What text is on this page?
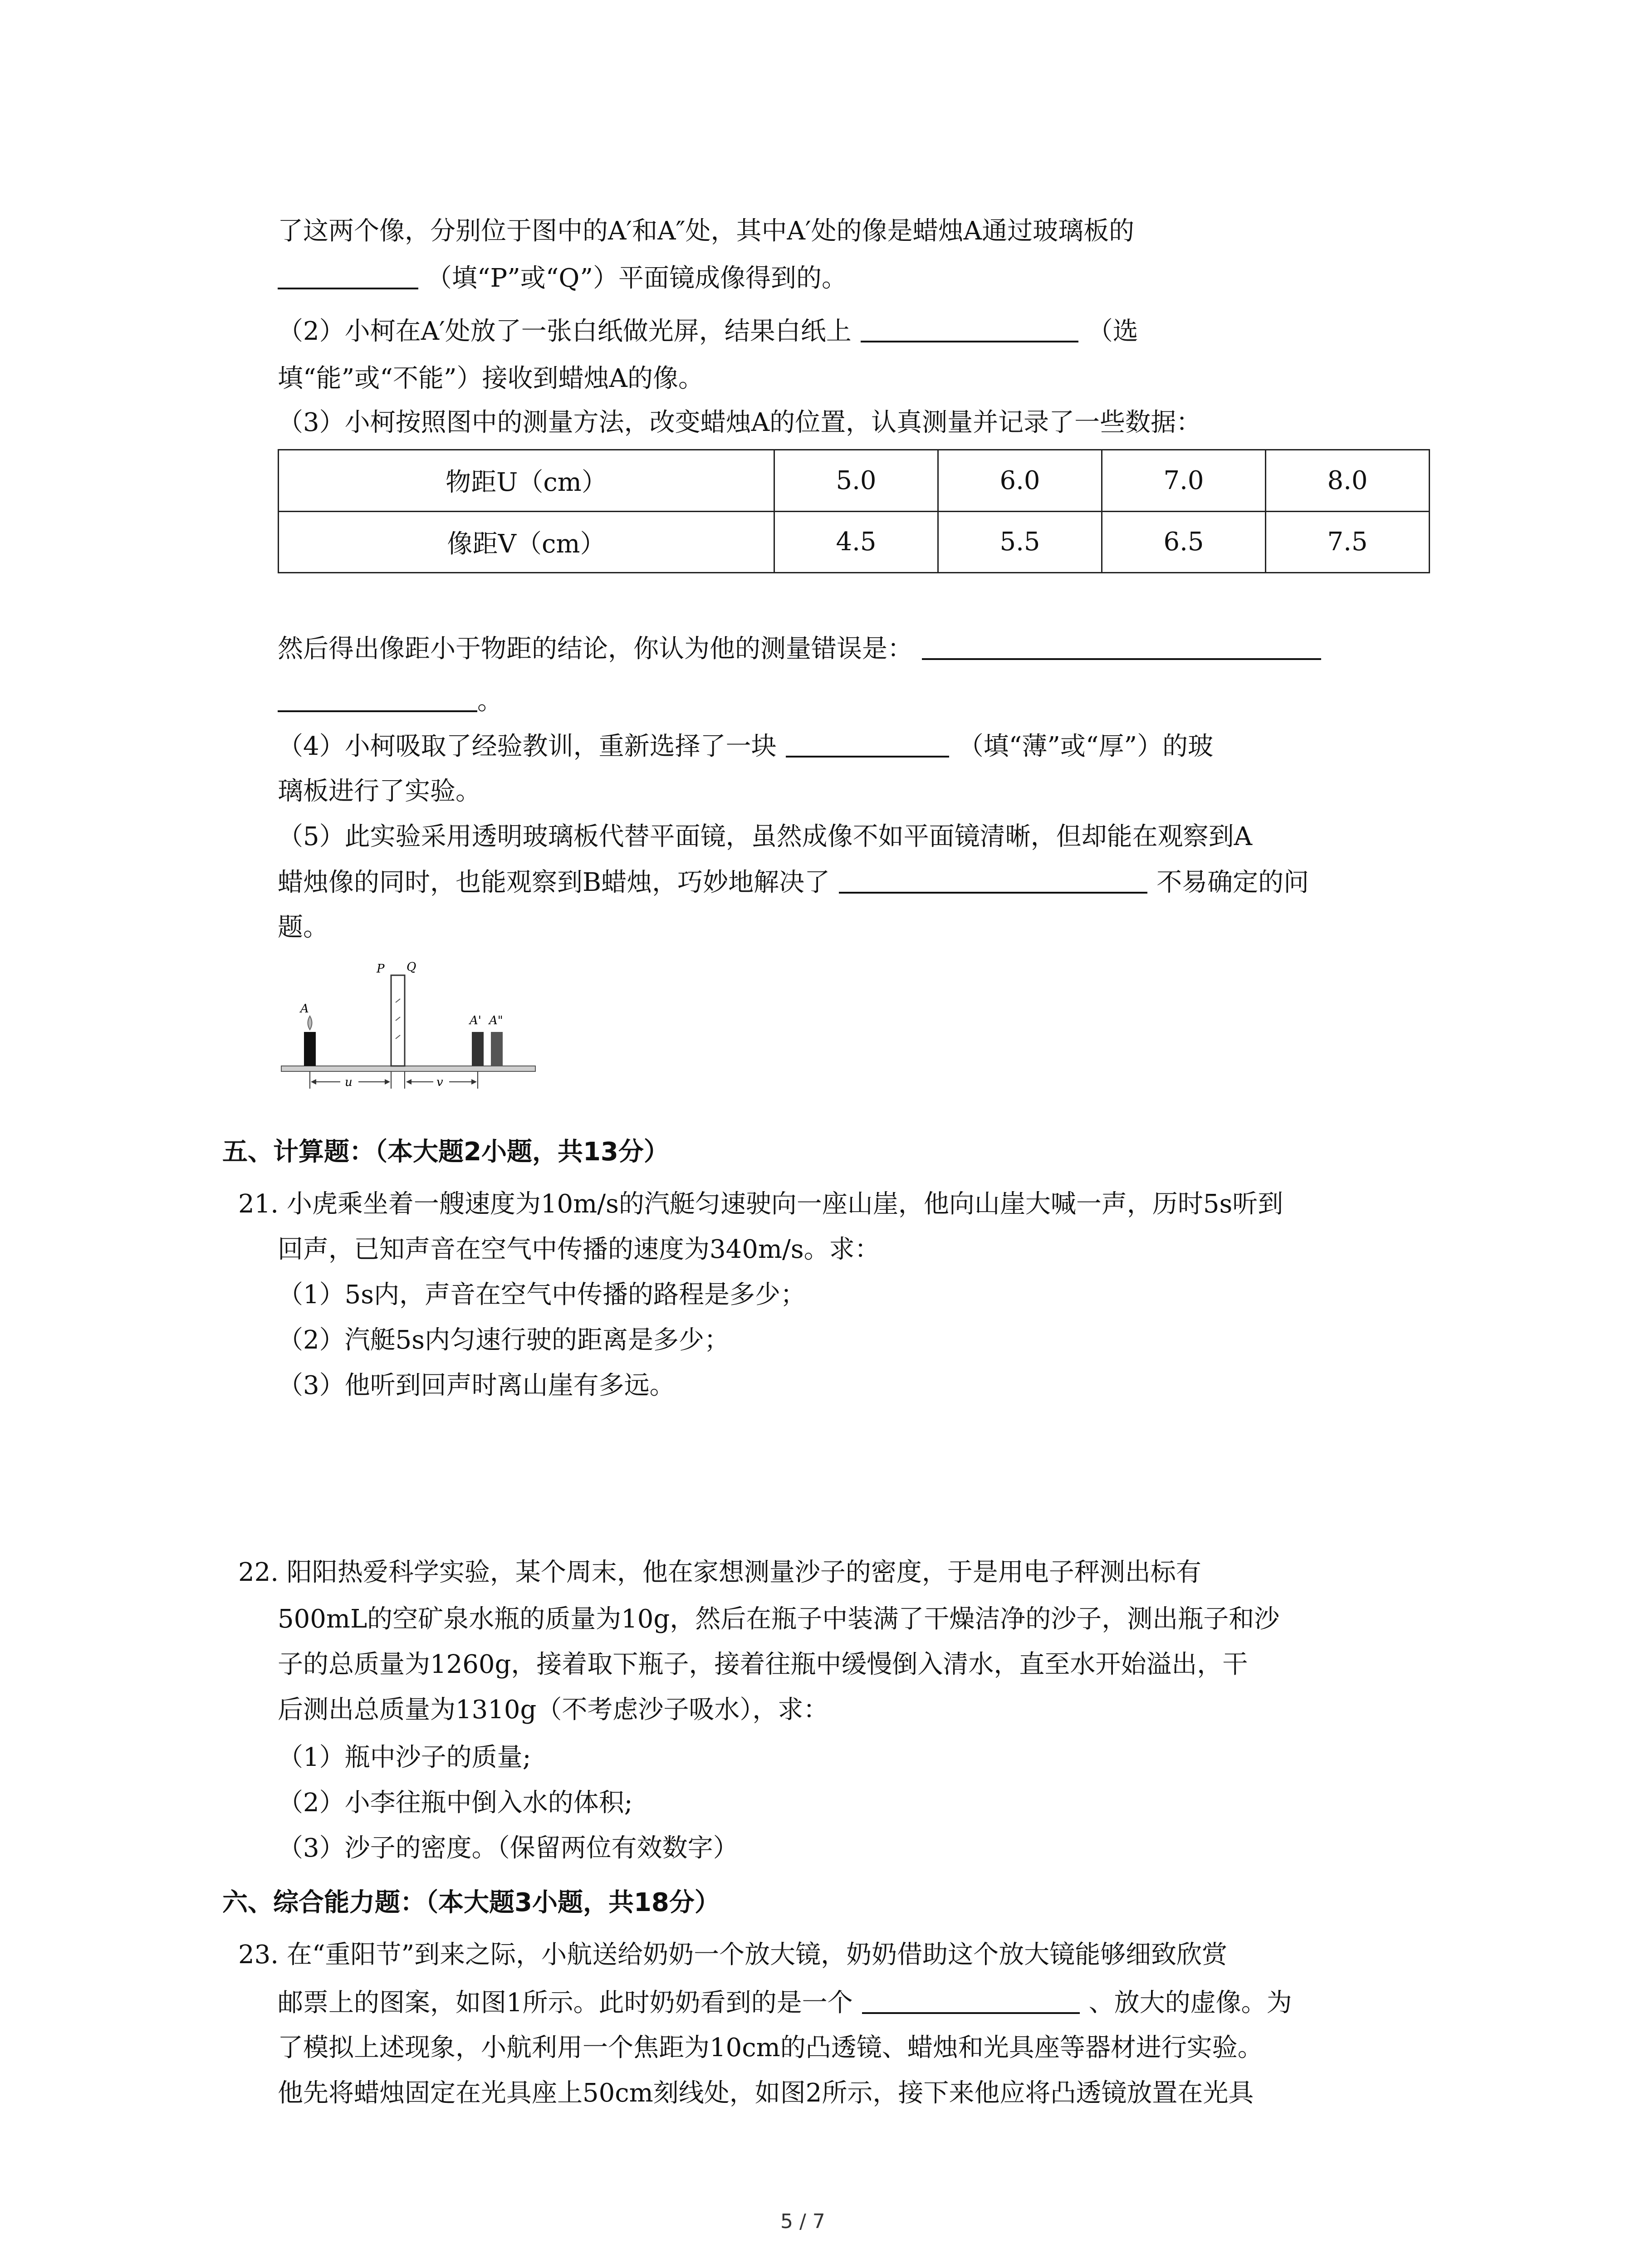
了这两个像，分别位于图中的A′和A″处，其中A′处的像是蜡烛A通过玻璃板的
（填“P”或“Q”）平面镜成像得到的。
（2）小柯在A′处放了一张白纸做光屏，结果白纸上	（选
填“能”或“不能”）接收到蜡烛A的像。
（3）小柯按照图中的测量方法，改变蜡烛A的位置，认真测量并记录了一些数据：
物距U（cm）	5.0	6.0	7.0	8.0
像距V（cm）	4.5	5.5	6.5	7.5
然后得出像距小于物距的结论，你认为他的测量错误是：
。
（4）小柯吸取了经验教训，重新选择了一块	（填“薄”或“厚”）的玻
璃板进行了实验。
（5）此实验采用透明玻璃板代替平面镜，虽然成像不如平面镜清晰，但却能在观察到A
蜡烛像的同时，也能观察到B蜡烛，巧妙地解决了	不易确定的问
题。
A
P Q
A' A"
u	v
五、计算题：（本大题2小题，共13分）
21. 小虎乘坐着一艘速度为10m/s的汽艇匀速驶向一座山崖，他向山崖大喊一声，历时5s听到
回声，已知声音在空气中传播的速度为340m/s。求：
（1）5s内，声音在空气中传播的路程是多少；
（2）汽艇5s内匀速行驶的距离是多少；
（3）他听到回声时离山崖有多远。
22. 阳阳热爱科学实验，某个周末，他在家想测量沙子的密度，于是用电子秤测出标有
500mL的空矿泉水瓶的质量为10g，然后在瓶子中装满了干燥洁净的沙子，测出瓶子和沙
子的总质量为1260g，接着取下瓶子，接着往瓶中缓慢倒入清水，直至水开始溢出，干
后测出总质量为1310g（不考虑沙子吸水），求：
（1）瓶中沙子的质量;
（2）小李往瓶中倒入水的体积;
（3）沙子的密度。（保留两位有效数字）
六、综合能力题：（本大题3小题，共18分）
23. 在“重阳节”到来之际，小航送给奶奶一个放大镜，奶奶借助这个放大镜能够细致欣赏
邮票上的图案，如图1所示。此时奶奶看到的是一个	、放大的虚像。为
了模拟上述现象，小航利用一个焦距为10cm的凸透镜、蜡烛和光具座等器材进行实验。
他先将蜡烛固定在光具座上50cm刻线处，如图2所示，接下来他应将凸透镜放置在光具
5 / 7
